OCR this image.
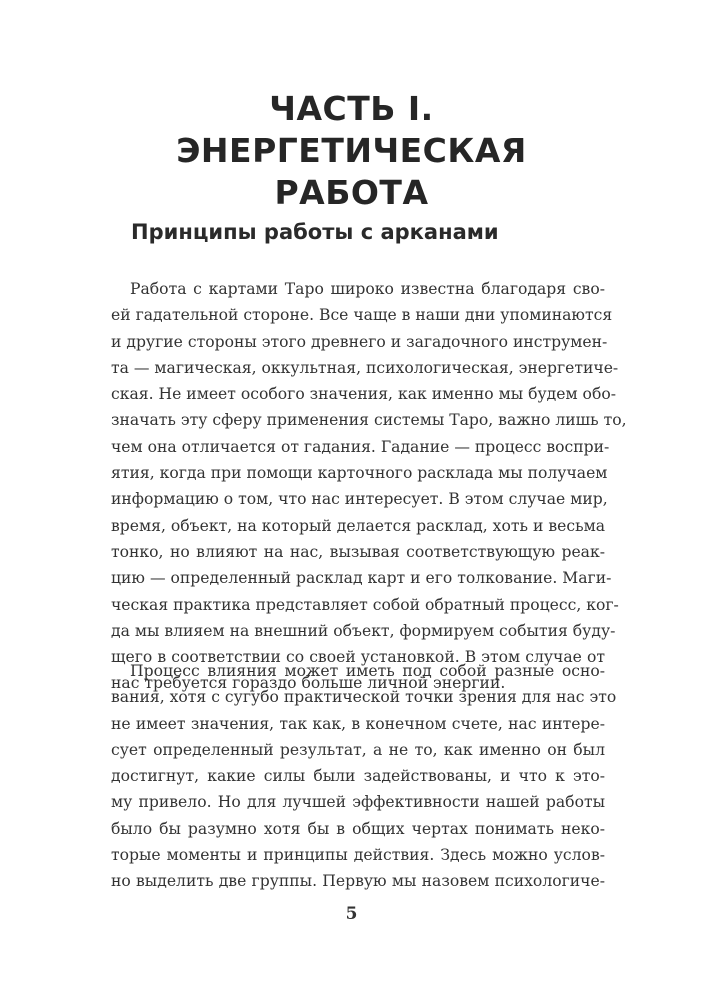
ЧАСТЬ I.
ЭНЕРГЕТИЧЕСКАЯ
РАБОТА
Принципы работы с арканами
Работа с картами Таро широко известна благодаря сво-
ей гадательной стороне. Все чаще в наши дни упоминаются
и другие стороны этого древнего и загадочного инструмен-
та — магическая, оккультная, психологическая, энергетиче-
ская. Не имеет особого значения, как именно мы будем обо-
значать эту сферу применения системы Таро, важно лишь то,
чем она отличается от гадания. Гадание — процесс воспри-
ятия, когда при помощи карточного расклада мы получаем
информацию о том, что нас интересует. В этом случае мир,
время, объект, на который делается расклад, хоть и весьма
тонко, но влияют на нас, вызывая соответствующую реак-
цию — определенный расклад карт и его толкование. Маги-
ческая практика представляет собой обратный процесс, ког-
да мы влияем на внешний объект, формируем события буду-
щего в соответствии со своей установкой. В этом случае от
нас требуется гораздо больше личной энергии.
Процесс влияния может иметь под собой разные осно-
вания, хотя с сугубо практической точки зрения для нас это
не имеет значения, так как, в конечном счете, нас интере-
сует определенный результат, а не то, как именно он был
достигнут, какие силы были задействованы, и что к это-
му привело. Но для лучшей эффективности нашей работы
было бы разумно хотя бы в общих чертах понимать неко-
торые моменты и принципы действия. Здесь можно услов-
но выделить две группы. Первую мы назовем психологиче-
5
